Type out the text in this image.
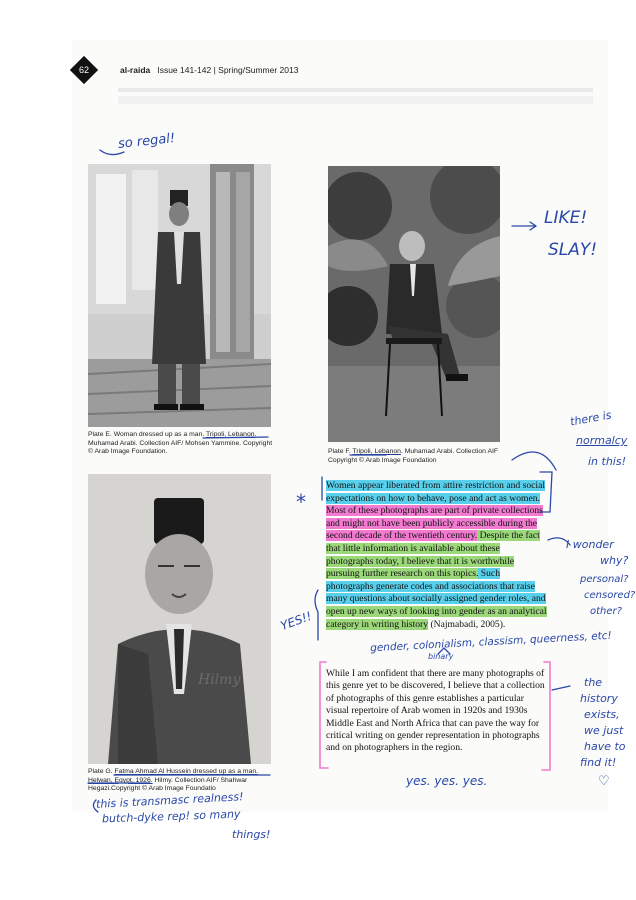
62	al-raida Issue 141-142 | Spring/Summer 2013
Plate E. Woman dressed up as a man. Tripoli, Lebanon. Muhamad Arabi. Collection AIF/ Mohsen Yammine. Copyright © Arab Image Foundation.	Plate F. Tripoli, Lebanon. Muhamad Arabi. Collection AIF Copyright © Arab Image Foundation
Hilmy
Plate G. Fatma Ahmad Al Hussein dressed up as a man. Helwan, Egypt, 1926. Hilmy. Collection AIF/ Shahwar Hegazi.Copyright © Arab Image Foundatio
Women appear liberated from attire restriction and social expectations on how to behave, pose and act as women. Most of these photographs are part of private collections and might not have been publicly accessible during the second decade of the twentieth century. Despite the fact that little information is available about these photographs today, I believe that it is worthwhile pursuing further research on this topics. Such photographs generate codes and associations that raise many questions about socially assigned gender roles, and open up new ways of looking into gender as an analytical category in writing history (Najmabadi, 2005).
While I am confident that there are many photographs of this genre yet to be discovered, I believe that a collection of photographs of this genre establishes a particular visual repertoire of Arab women in 1920s and 1930s Middle East and North Africa that can pave the way for critical writing on gender representation in photographs and on photographers in the region.
so regal!
LIKE!
SLAY!
there is
normalcy
in this!
*
I wonder
why?
personal?
censored?
other?
YES!!
gender, colonialism, classism, queerness, etc!
binary
the
history
exists,
we just
have to
find it!
♡
yes. yes. yes.
this is transmasc realness!
butch-dyke rep! so many
things!
